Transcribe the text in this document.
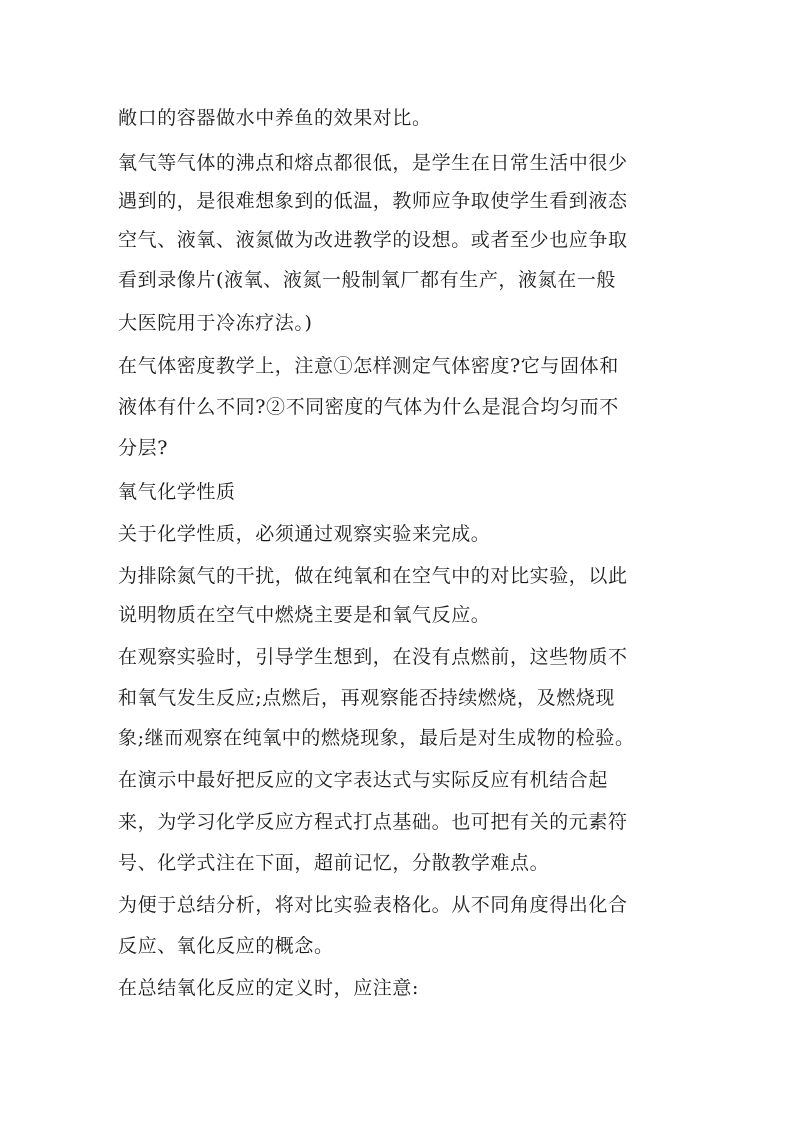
敞口的容器做水中养鱼的效果对比。
氧气等气体的沸点和熔点都很低，是学生在日常生活中很少
遇到的，是很难想象到的低温，教师应争取使学生看到液态
空气、液氧、液氮做为改进教学的设想。或者至少也应争取
看到录像片(液氧、液氮一般制氧厂都有生产，液氮在一般
大医院用于冷冻疗法。)
在气体密度教学上，注意①怎样测定气体密度?它与固体和
液体有什么不同?②不同密度的气体为什么是混合均匀而不
分层?
氧气化学性质
关于化学性质，必须通过观察实验来完成。
为排除氮气的干扰，做在纯氧和在空气中的对比实验，以此
说明物质在空气中燃烧主要是和氧气反应。
在观察实验时，引导学生想到，在没有点燃前，这些物质不
和氧气发生反应;点燃后，再观察能否持续燃烧，及燃烧现
象;继而观察在纯氧中的燃烧现象，最后是对生成物的检验。
在演示中最好把反应的文字表达式与实际反应有机结合起
来，为学习化学反应方程式打点基础。也可把有关的元素符
号、化学式注在下面，超前记忆，分散教学难点。
为便于总结分析，将对比实验表格化。从不同角度得出化合
反应、氧化反应的概念。
在总结氧化反应的定义时，应注意:
